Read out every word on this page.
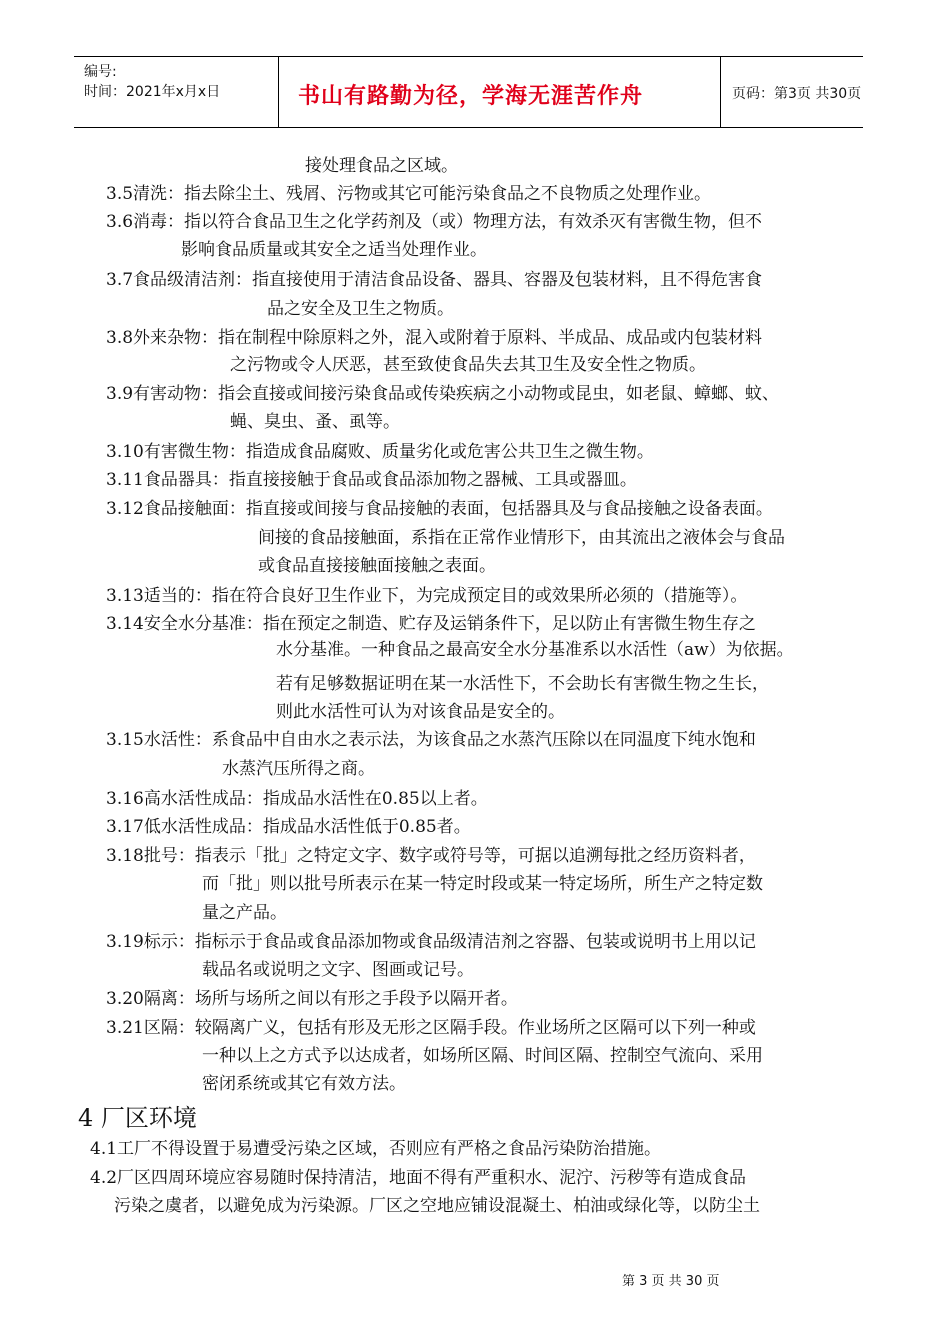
编号:
时间：2021年x月x日	书山有路勤为径，学海无涯苦作舟	页码：第3页 共30页
接处理食品之区域。
3.5清洗：指去除尘土、残屑、污物或其它可能污染食品之不良物质之处理作业。
3.6消毒：指以符合食品卫生之化学药剂及（或）物理方法，有效杀灭有害微生物，但不
影响食品质量或其安全之适当处理作业。
3.7食品级清洁剂：指直接使用于清洁食品设备、器具、容器及包装材料，且不得危害食
品之安全及卫生之物质。
3.8外来杂物：指在制程中除原料之外，混入或附着于原料、半成品、成品或内包装材料
之污物或令人厌恶，甚至致使食品失去其卫生及安全性之物质。
3.9有害动物：指会直接或间接污染食品或传染疾病之小动物或昆虫，如老鼠、蟑螂、蚊、
蝇、臭虫、蚤、虱等。
3.10有害微生物：指造成食品腐败、质量劣化或危害公共卫生之微生物。
3.11食品器具：指直接接触于食品或食品添加物之器械、工具或器皿。
3.12食品接触面：指直接或间接与食品接触的表面，包括器具及与食品接触之设备表面。
间接的食品接触面，系指在正常作业情形下，由其流出之液体会与食品
或食品直接接触面接触之表面。
3.13适当的：指在符合良好卫生作业下，为完成预定目的或效果所必须的（措施等）。
3.14安全水分基准：指在预定之制造、贮存及运销条件下，足以防止有害微生物生存之
水分基准。一种食品之最高安全水分基准系以水活性（aw）为依据。
若有足够数据证明在某一水活性下，不会助长有害微生物之生长，
则此水活性可认为对该食品是安全的。
3.15水活性：系食品中自由水之表示法，为该食品之水蒸汽压除以在同温度下纯水饱和
水蒸汽压所得之商。
3.16高水活性成品：指成品水活性在0.85以上者。
3.17低水活性成品：指成品水活性低于0.85者。
3.18批号：指表示「批」之特定文字、数字或符号等，可据以追溯每批之经历资料者，
而「批」则以批号所表示在某一特定时段或某一特定场所，所生产之特定数
量之产品。
3.19标示：指标示于食品或食品添加物或食品级清洁剂之容器、包装或说明书上用以记
载品名或说明之文字、图画或记号。
3.20隔离：场所与场所之间以有形之手段予以隔开者。
3.21区隔：较隔离广义，包括有形及无形之区隔手段。作业场所之区隔可以下列一种或
一种以上之方式予以达成者，如场所区隔、时间区隔、控制空气流向、采用
密闭系统或其它有效方法。
4 厂区环境
4.1工厂不得设置于易遭受污染之区域，否则应有严格之食品污染防治措施。
4.2厂区四周环境应容易随时保持清洁，地面不得有严重积水、泥泞、污秽等有造成食品
污染之虞者，以避免成为污染源。厂区之空地应铺设混凝土、柏油或绿化等，以防尘土
第 3 页 共 30 页
